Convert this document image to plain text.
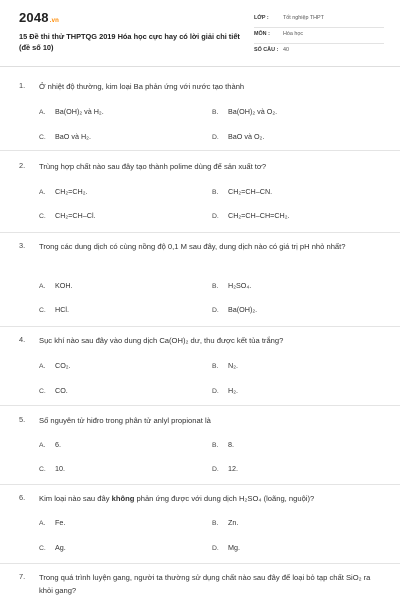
2048.vn
15 Đề thi thử THPTQG 2019 Hóa học cực hay có lời giải chi tiết (đề số 10)
LỚP :	Tốt nghiệp THPT
MÔN : Hóa học
SỐ CÂU : 40
1. Ở nhiệt độ thường, kim loại Ba phản ứng với nước tạo thành
A. Ba(OH)₂ và H₂.	B. Ba(OH)₂ và O₂.
C. BaO và H₂.	D. BaO và O₂.
2. Trùng hợp chất nào sau đây tạo thành polime dùng để sản xuất tơ?
A. CH₂=CH₂.	B. CH₂=CH–CN.
C. CH₂=CH–Cl.	D. CH₂=CH–CH=CH₂.
3. Trong các dung dịch có cùng nồng độ 0,1 M sau đây, dung dịch nào có giá trị pH nhỏ nhất?
A. KOH.	B. H₂SO₄.
C. HCl.	D. Ba(OH)₂.
4. Sục khí nào sau đây vào dung dịch Ca(OH)₂ dư, thu được kết tủa trắng?
A. CO₂.	B. N₂.
C. CO.	D. H₂.
5. Số nguyên tử hiđro trong phân tử anlyl propionat là
A. 6.	B. 8.
C. 10.	D. 12.
6. Kim loại nào sau đây không phản ứng được với dung dịch H₂SO₄ (loãng, nguội)?
A. Fe.	B. Zn.
C. Ag.	D. Mg.
7. Trong quá trình luyện gang, người ta thường sử dụng chất nào sau đây để loại bỏ tạp chất SiO₂ ra khỏi gang?
